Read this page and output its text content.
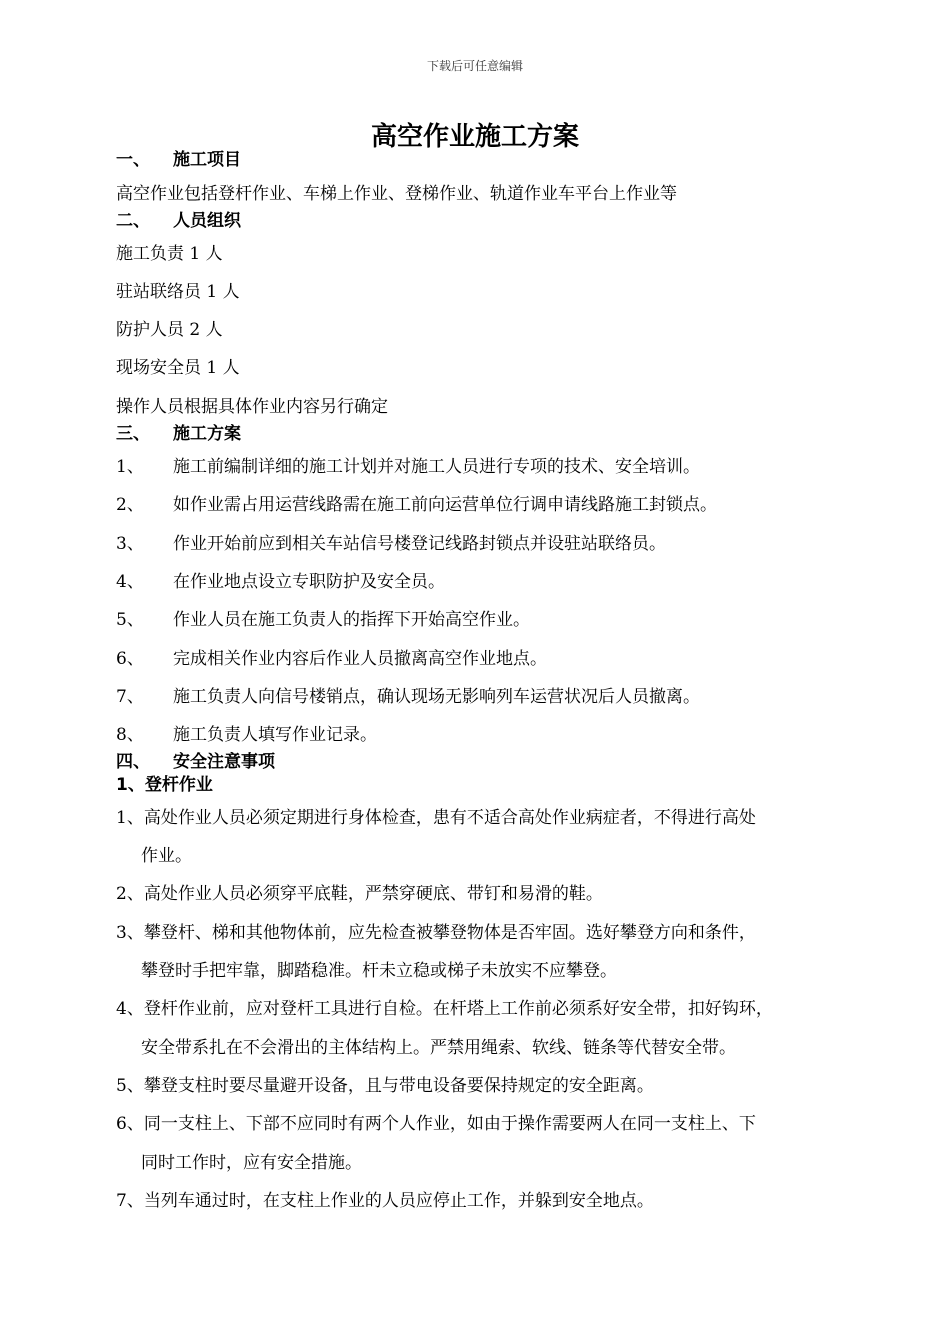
下载后可任意编辑
高空作业施工方案
一、 施工项目
高空作业包括登杆作业、车梯上作业、登梯作业、轨道作业车平台上作业等
二、 人员组织
施工负责 1 人
驻站联络员 1 人
防护人员 2 人
现场安全员 1 人
操作人员根据具体作业内容另行确定
三、 施工方案
1、 施工前编制详细的施工计划并对施工人员进行专项的技术、安全培训。
2、 如作业需占用运营线路需在施工前向运营单位行调申请线路施工封锁点。
3、 作业开始前应到相关车站信号楼登记线路封锁点并设驻站联络员。
4、 在作业地点设立专职防护及安全员。
5、 作业人员在施工负责人的指挥下开始高空作业。
6、 完成相关作业内容后作业人员撤离高空作业地点。
7、 施工负责人向信号楼销点，确认现场无影响列车运营状况后人员撤离。
8、 施工负责人填写作业记录。
四、 安全注意事项
1、登杆作业
1、高处作业人员必须定期进行身体检查，患有不适合高处作业病症者，不得进行高处
作业。
2、高处作业人员必须穿平底鞋，严禁穿硬底、带钉和易滑的鞋。
3、攀登杆、梯和其他物体前，应先检查被攀登物体是否牢固。选好攀登方向和条件，
攀登时手把牢靠，脚踏稳准。杆未立稳或梯子未放实不应攀登。
4、登杆作业前，应对登杆工具进行自检。在杆塔上工作前必须系好安全带，扣好钩环，
安全带系扎在不会滑出的主体结构上。严禁用绳索、软线、链条等代替安全带。
5、攀登支柱时要尽量避开设备，且与带电设备要保持规定的安全距离。
6、同一支柱上、下部不应同时有两个人作业，如由于操作需要两人在同一支柱上、下
同时工作时，应有安全措施。
7、当列车通过时，在支柱上作业的人员应停止工作，并躲到安全地点。
